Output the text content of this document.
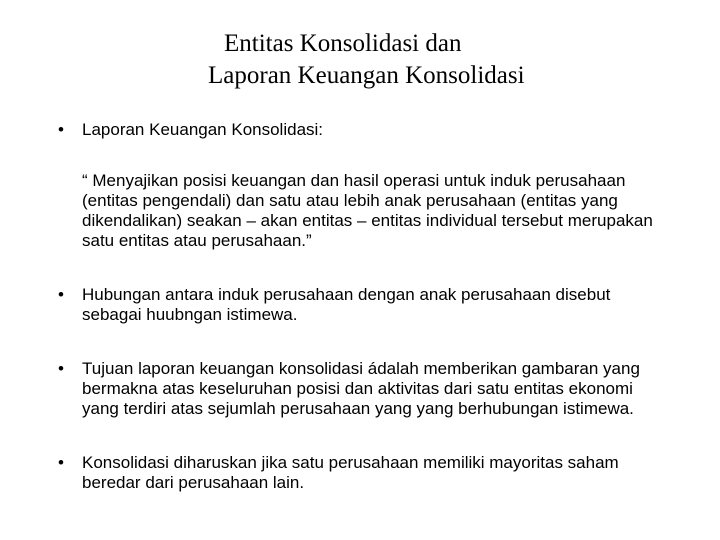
Entitas Konsolidasi dan
Laporan Keuangan Konsolidasi
• Laporan Keuangan Konsolidasi:
“ Menyajikan posisi keuangan dan hasil operasi untuk induk perusahaan (entitas pengendali) dan satu atau lebih anak perusahaan (entitas yang dikendalikan) seakan – akan entitas – entitas individual tersebut merupakan satu entitas atau perusahaan.”
• Hubungan antara induk perusahaan dengan anak perusahaan disebut sebagai huubngan istimewa.
• Tujuan laporan keuangan konsolidasi ádalah memberikan gambaran yang bermakna atas keseluruhan posisi dan aktivitas dari satu entitas ekonomi yang terdiri atas sejumlah perusahaan yang yang berhubungan istimewa.
• Konsolidasi diharuskan jika satu perusahaan memiliki mayoritas saham beredar dari perusahaan lain.
